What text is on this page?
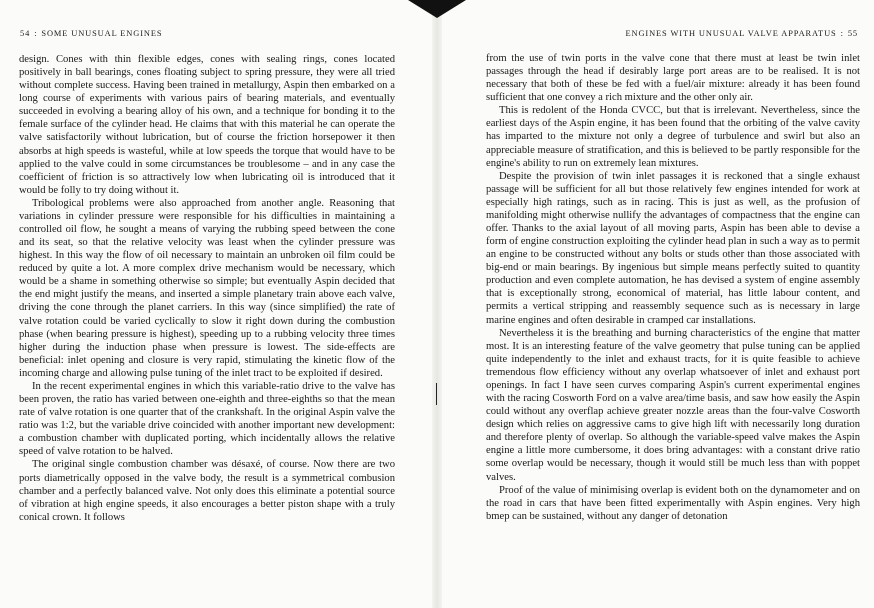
54 : SOME UNUSUAL ENGINES

design. Cones with thin flexible edges, cones with sealing rings, cones located positively in ball bearings, cones floating subject to spring pressure, they were all tried without complete success. Having been trained in metallurgy, Aspin then embarked on a long course of experiments with various pairs of bearing materials, and eventually succeeded in evolving a bearing alloy of his own, and a technique for bonding it to the female surface of the cylinder head. He claims that with this material he can operate the valve satisfactorily without lubrication, but of course the friction horsepower it then absorbs at high speeds is wasteful, while at low speeds the torque that would have to be applied to the valve could in some circumstances be troublesome – and in any case the coefficient of friction is so attractively low when lubricating oil is introduced that it would be folly to try doing without it.

Tribological problems were also approached from another angle. Reasoning that variations in cylinder pressure were responsible for his difficulties in maintaining a controlled oil flow, he sought a means of varying the rubbing speed between the cone and its seat, so that the relative velocity was least when the cylinder pressure was highest. In this way the flow of oil necessary to maintain an unbroken oil film could be reduced by quite a lot. A more complex drive mechanism would be necessary, which would be a shame in something otherwise so simple; but eventually Aspin decided that the end might justify the means, and inserted a simple planetary train above each valve, driving the cone through the planet carriers. In this way (since simplified) the rate of valve rotation could be varied cyclically to slow it right down during the combustion phase (when bearing pressure is highest), speeding up to a rubbing velocity three times higher during the induction phase when pressure is lowest. The side-effects are beneficial: inlet opening and closure is very rapid, stimulating the kinetic flow of the incoming charge and allowing pulse tuning of the inlet tract to be exploited if desired.

In the recent experimental engines in which this variable-ratio drive to the valve has been proven, the ratio has varied between one-eighth and three-eighths so that the mean rate of valve rotation is one quarter that of the crankshaft. In the original Aspin valve the ratio was 1:2, but the variable drive coincided with another important new development: a combustion chamber with duplicated porting, which incidentally allows the relative speed of valve rotation to be halved.

The original single combustion chamber was désaxé, of course. Now there are two ports diametrically opposed in the valve body, the result is a symmetrical combusion chamber and a perfectly balanced valve. Not only does this eliminate a potential source of vibration at high engine speeds, it also encourages a better piston shape with a truly conical crown. It follows

ENGINES WITH UNUSUAL VALVE APPARATUS : 55

from the use of twin ports in the valve cone that there must at least be twin inlet passages through the head if desirably large port areas are to be realised. It is not necessary that both of these be fed with a fuel/air mixture: already it has been found sufficient that one convey a rich mixture and the other only air.

This is redolent of the Honda CVCC, but that is irrelevant. Nevertheless, since the earliest days of the Aspin engine, it has been found that the orbiting of the valve cavity has imparted to the mixture not only a degree of turbulence and swirl but also an appreciable measure of stratification, and this is believed to be partly responsible for the engine's ability to run on extremely lean mixtures.

Despite the provision of twin inlet passages it is reckoned that a single exhaust passage will be sufficient for all but those relatively few engines intended for work at especially high ratings, such as in racing. This is just as well, as the profusion of manifolding might otherwise nullify the advantages of compactness that the engine can offer. Thanks to the axial layout of all moving parts, Aspin has been able to devise a form of engine construction exploiting the cylinder head plan in such a way as to permit an engine to be constructed without any bolts or studs other than those associated with big-end or main bearings. By ingenious but simple means perfectly suited to quantity production and even complete automation, he has devised a system of engine assembly that is exceptionally strong, economical of material, has little labour content, and permits a vertical stripping and reassembly sequence such as is necessary in large marine engines and often desirable in cramped car installations.

Nevertheless it is the breathing and burning characteristics of the engine that matter most. It is an interesting feature of the valve geometry that pulse tuning can be applied quite independently to the inlet and exhaust tracts, for it is quite feasible to achieve tremendous flow efficiency without any overlap whatsoever of inlet and exhaust port openings. In fact I have seen curves comparing Aspin's current experimental engines with the racing Cosworth Ford on a valve area/time basis, and saw how easily the Aspin could without any overflap achieve greater nozzle areas than the four-valve Cosworth design which relies on aggressive cams to give high lift with necessarily long duration and therefore plenty of overlap. So although the variable-speed valve makes the Aspin engine a little more cumbersome, it does bring advantages: with a constant drive ratio some overlap would be necessary, though it would still be much less than with poppet valves.

Proof of the value of minimising overlap is evident both on the dynamometer and on the road in cars that have been fitted experimentally with Aspin engines. Very high bmep can be sustained, without any danger of detonation
